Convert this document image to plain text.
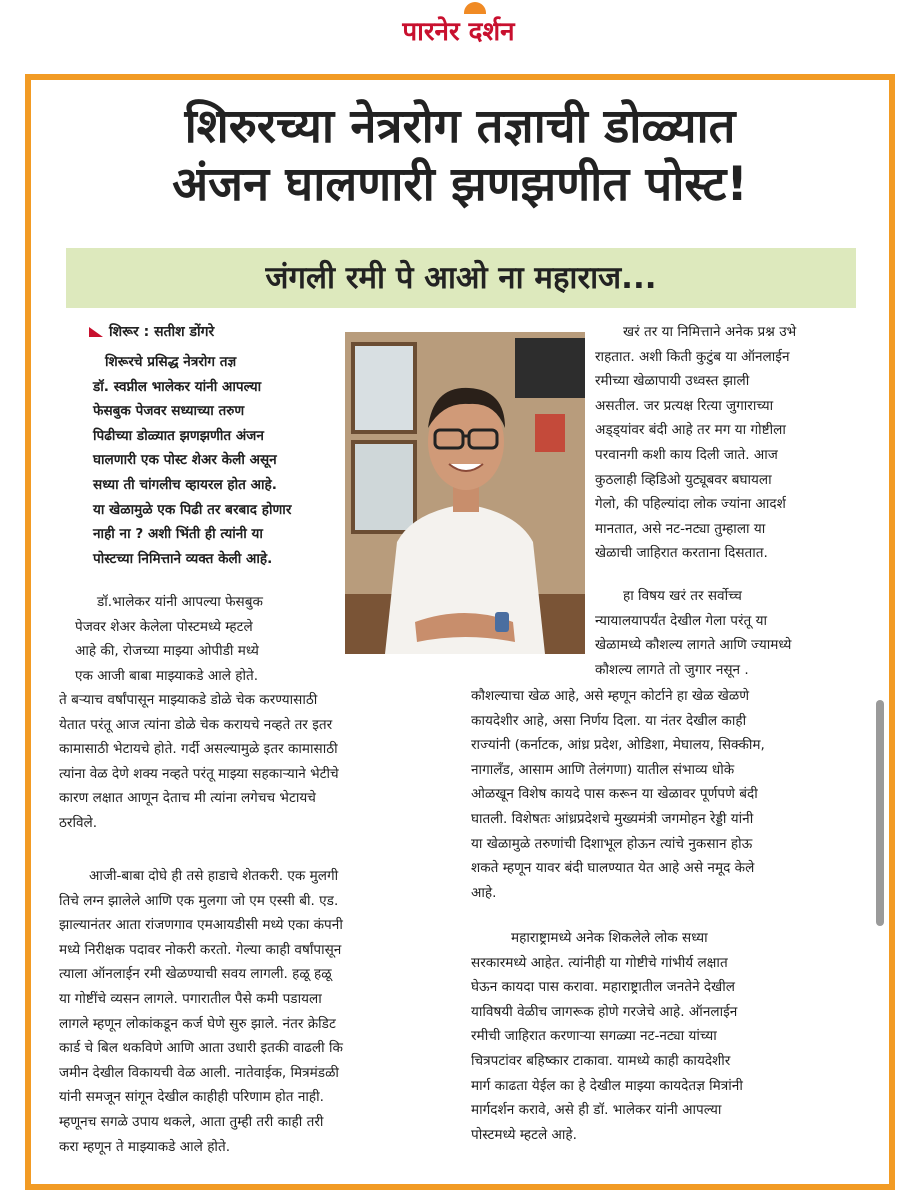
पारनेर दर्शन
शिरुरच्या नेत्ररोग तज्ञाची डोळ्यात
अंजन घालणारी झणझणीत पोस्ट!
जंगली रमी पे आओ ना महाराज...
शिरूर : सतीश डोंगरे

शिरूरचे प्रसिद्ध नेत्ररोग तज्ञ

डॉ. स्वप्नील भालेकर यांनी आपल्या

फेसबुक पेजवर सध्याच्या तरुण

पिढीच्या डोळ्यात झणझणीत अंजन

घालणारी एक पोस्ट शेअर केली असून

सध्या ती चांगलीच व्हायरल होत आहे.

या खेळामुळे एक पिढी तर बरबाद होणार

नाही ना ? अशी भिंती ही त्यांनी या

पोस्टच्या निमित्ताने व्यक्त केली आहे.

डॉ.भालेकर यांनी आपल्या फेसबुक

पेजवर शेअर केलेला पोस्टमध्ये म्हटले

आहे की, रोजच्या माझ्या ओपीडी मध्ये

एक आजी बाबा माझ्याकडे आले होते.

ते बऱ्याच वर्षांपासून माझ्याकडे डोळे चेक करण्यासाठी

येतात परंतू आज त्यांना डोळे चेक करायचे नव्हते तर इतर

कामासाठी भेटायचे होते. गर्दी असल्यामुळे इतर कामासाठी

त्यांना वेळ देणे शक्य नव्हते परंतू माझ्या सहकाऱ्याने भेटीचे

कारण लक्षात आणून देताच मी त्यांना लगेचच भेटायचे

ठरविले.

आजी-बाबा दोघे ही तसे हाडाचे शेतकरी. एक मुलगी

तिचे लग्न झालेले आणि एक मुलगा जो एम एस्सी बी. एड.

झाल्यानंतर आता रांजणगाव एमआयडीसी मध्ये एका कंपनी

मध्ये निरीक्षक पदावर नोकरी करतो. गेल्या काही वर्षांपासून

त्याला ऑनलाईन रमी खेळण्याची सवय लागली. हळू हळू

या गोष्टींचे व्यसन लागले. पगारातील पैसे कमी पडायला

लागले म्हणून लोकांकडून कर्ज घेणे सुरु झाले. नंतर क्रेडिट

कार्ड चे बिल थकविणे आणि आता उधारी इतकी वाढली कि

जमीन देखील विकायची वेळ आली. नातेवाईक, मित्रमंडळी

यांनी समजून सांगून देखील काहीही परिणाम होत नाही.

म्हणूनच सगळे उपाय थकले, आता तुम्ही तरी काही तरी

करा म्हणून ते माझ्याकडे आले होते.

खरं तर या निमित्ताने अनेक प्रश्न उभे

राहतात. अशी किती कुटुंब या ऑनलाईन

रमीच्या खेळापायी उध्वस्त झाली

असतील. जर प्रत्यक्ष रित्या जुगाराच्या

अड्ड्यांवर बंदी आहे तर मग या गोष्टीला

परवानगी कशी काय दिली जाते. आज

कुठलाही व्हिडिओ युट्यूबवर बघायला

गेलो, की पहिल्यांदा लोक ज्यांना आदर्श

मानतात, असे नट-नट्या तुम्हाला या

खेळाची जाहिरात करताना दिसतात.

हा विषय खरं तर सर्वोच्च

न्यायालयापर्यंत देखील गेला परंतू या

खेळामध्ये कौशल्य लागते आणि ज्यामध्ये

कौशल्य लागते तो जुगार नसून .

कौशल्याचा खेळ आहे, असे म्हणून कोर्टाने हा खेळ खेळणे

कायदेशीर आहे, असा निर्णय दिला. या नंतर देखील काही

राज्यांनी (कर्नाटक, आंध्र प्रदेश, ओडिशा, मेघालय, सिक्कीम,

नागालँड, आसाम आणि तेलंगणा) यातील संभाव्य धोके

ओळखून विशेष कायदे पास करून या खेळावर पूर्णपणे बंदी

घातली. विशेषतः आंध्रप्रदेशचे मुख्यमंत्री जगमोहन रेड्डी यांनी

या खेळामुळे तरुणांची दिशाभूल होऊन त्यांचे नुकसान होऊ

शकते म्हणून यावर बंदी घालण्यात येत आहे असे नमूद केले

आहे.

महाराष्ट्रामध्ये अनेक शिकलेले लोक सध्या

सरकारमध्ये आहेत. त्यांनीही या गोष्टीचे गांभीर्य लक्षात

घेऊन कायदा पास करावा. महाराष्ट्रातील जनतेने देखील

याविषयी वेळीच जागरूक होणे गरजेचे आहे. ऑनलाईन

रमीची जाहिरात करणाऱ्या सगळ्या नट-नट्या यांच्या

चित्रपटांवर बहिष्कार टाकावा. यामध्ये काही कायदेशीर

मार्ग काढता येईल का हे देखील माझ्या कायदेतज्ञ मित्रांनी

मार्गदर्शन करावे, असे ही डॉ. भालेकर यांनी आपल्या

पोस्टमध्ये म्हटले आहे.
